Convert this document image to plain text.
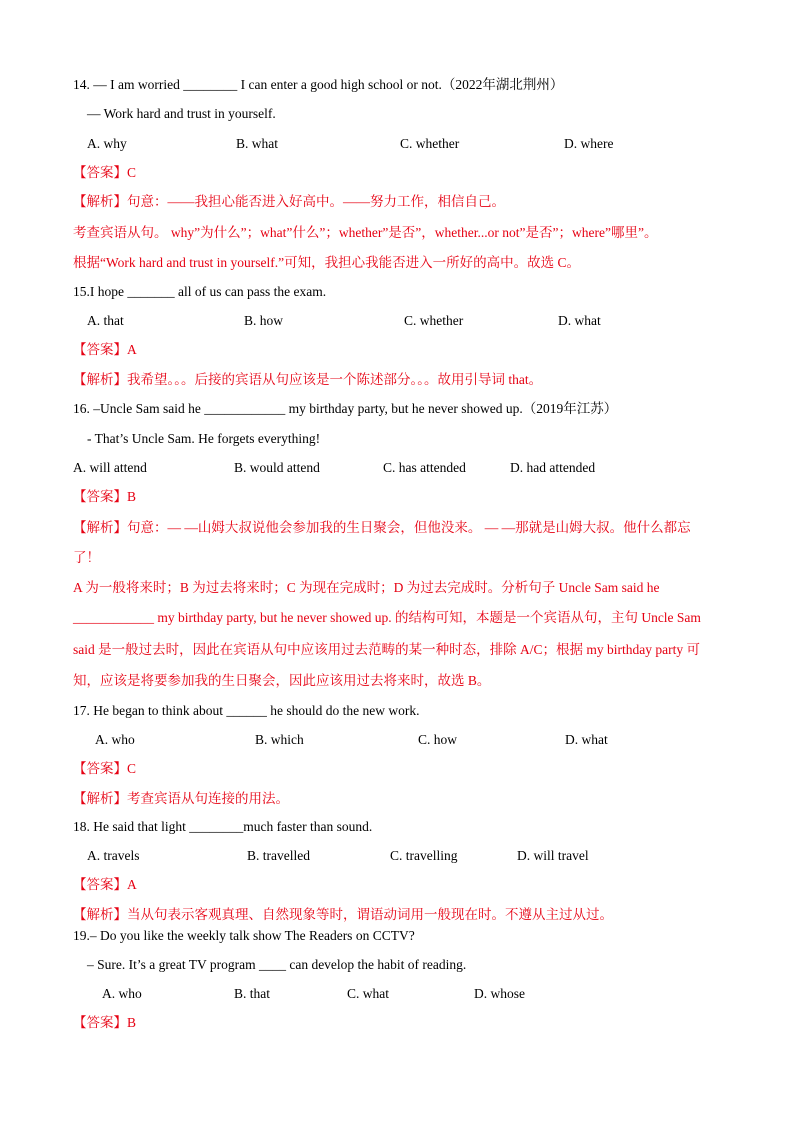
14. — I am worried ________ I can enter a good high school or not.（2022年湖北荆州）
— Work hard and trust in yourself.
A. why	B. what	C. whether	D. where
【答案】C
【解析】句意：——我担心能否进入好高中。——努力工作，相信自己。
考查宾语从句。 why”为什么”；what”什么”；whether”是否”，whether...or not”是否”；where”哪里”。
根据“Work hard and trust in yourself.”可知，我担心我能否进入一所好的高中。故选 C。
15.I hope _______ all of us can pass the exam.
A. that	B. how	C. whether	D. what
【答案】A
【解析】我希望。。。后接的宾语从句应该是一个陈述部分。。。故用引导词 that。
16. –Uncle Sam said he ____________ my birthday party, but he never showed up.（2019年江苏）
- That’s Uncle Sam. He forgets everything!
A. will attend	B. would attend	C. has attended	D. had attended
【答案】B
【解析】句意：— —山姆大叔说他会参加我的生日聚会，但他没来。 — —那就是山姆大叔。他什么都忘
了！
A 为一般将来时；B 为过去将来时；C 为现在完成时；D 为过去完成时。分析句子 Uncle Sam said he
____________ my birthday party, but he never showed up. 的结构可知，本题是一个宾语从句，主句 Uncle Sam
said 是一般过去时，因此在宾语从句中应该用过去范畴的某一种时态，排除 A/C；根据 my birthday party 可
知，应该是将要参加我的生日聚会，因此应该用过去将来时，故选 B。
17. He began to think about ______ he should do the new work.
A. who	B. which	C. how	D. what
【答案】C
【解析】考查宾语从句连接的用法。
18. He said that light ________much faster than sound.
A. travels	B. travelled	C. travelling	D. will travel
【答案】A
【解析】当从句表示客观真理、自然现象等时，谓语动词用一般现在时。不遵从主过从过。
19.– Do you like the weekly talk show The Readers on CCTV?
– Sure. It’s a great TV program ____ can develop the habit of reading.
A. who	B. that	C. what	D. whose
【答案】B
